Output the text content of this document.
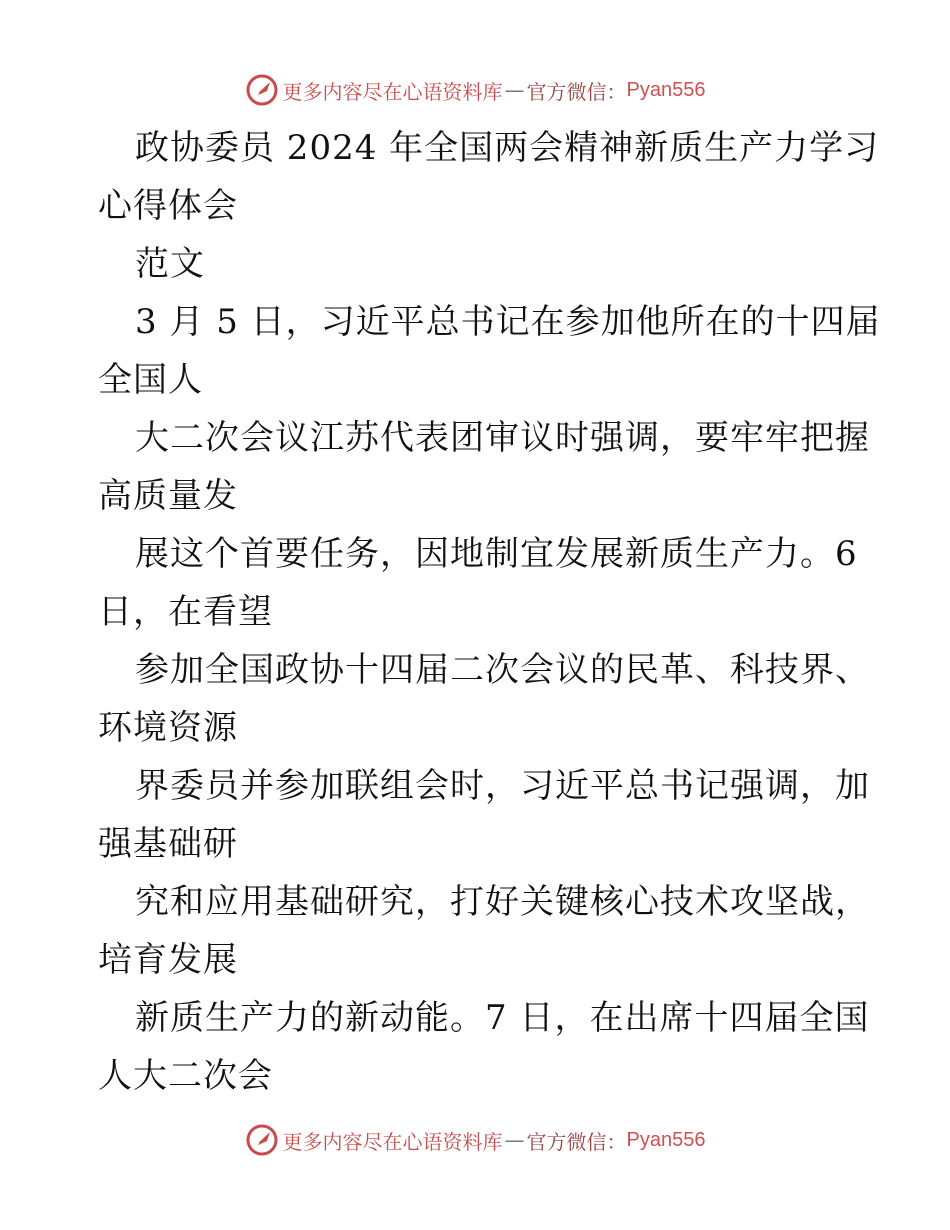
更多内容尽在心语资料库 — 官方微信： Pyan556
政协委员 2024 年全国两会精神新质生产力学习
心得体会
范文
3 月 5 日，习近平总书记在参加他所在的十四届
全国人
大二次会议江苏代表团审议时强调，要牢牢把握
高质量发
展这个首要任务，因地制宜发展新质生产力。6
日，在看望
参加全国政协十四届二次会议的民革、科技界、
环境资源
界委员并参加联组会时，习近平总书记强调，加
强基础研
究和应用基础研究，打好关键核心技术攻坚战，
培育发展
新质生产力的新动能。7 日，在出席十四届全国
人大二次会
更多内容尽在心语资料库 — 官方微信： Pyan556
